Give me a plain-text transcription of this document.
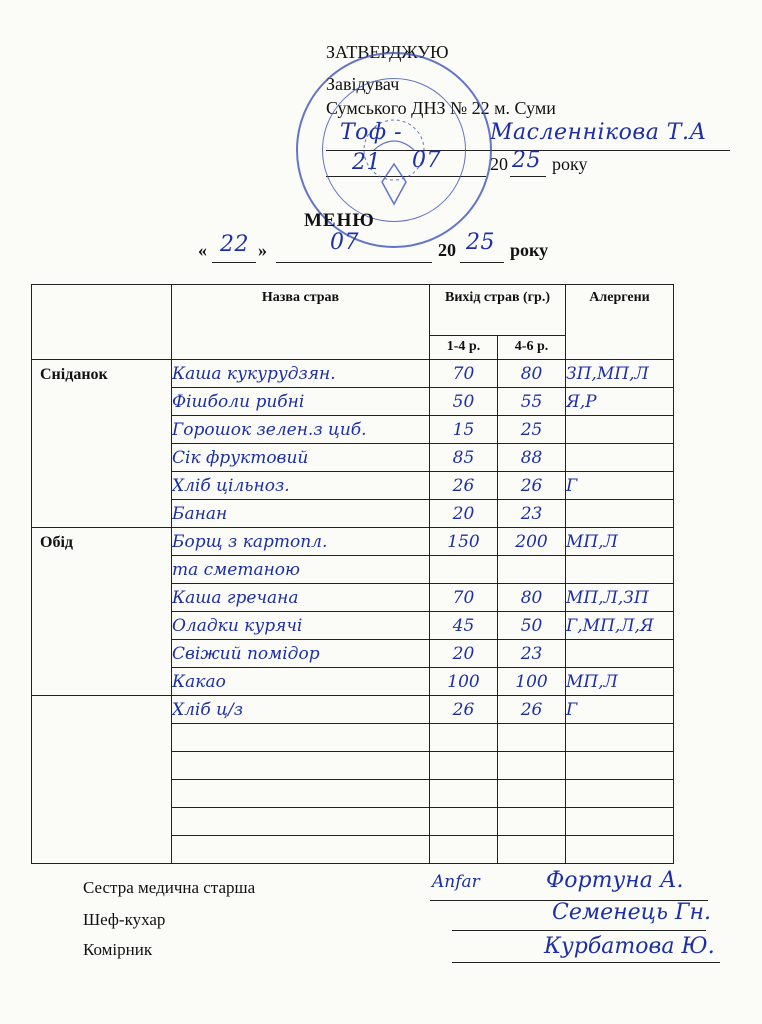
ЗАТВЕРДЖУЮ
Завідувач
Сумського ДНЗ № 22 м. Суми
Тоф -	Масленнікова Т.А
21 07	20 25 року
МЕНЮ
« 22 »	07	20 25 року
	Назва страв	Вихід страв (гр.)		Алергени
		1-4 р.	4-6 р.	
Сніданок	Каша кукурудзян.	70	80	ЗП,МП,Л
	Фішболи рибні	50	55	Я,Р
	Горошок зелен.з циб.	15	25	
	Сік фруктовий	85	88	
	Хліб цільноз.	26	26	Г
	Банан	20	23	
Обід	Борщ з картопл.	150	200	МП,Л
	та сметаною			
	Каша гречана	70	80	МП,Л,ЗП
	Оладки курячі	45	50	Г,МП,Л,Я
	Свіжий помідор	20	23	
	Какао	100	100	МП,Л
	Хліб ц/з	26	26	Г

Сестра медична старша	Anfar	Фортуна А.
Шеф-кухар	Семенець Гн.
Комірник	Курбатова Ю.
